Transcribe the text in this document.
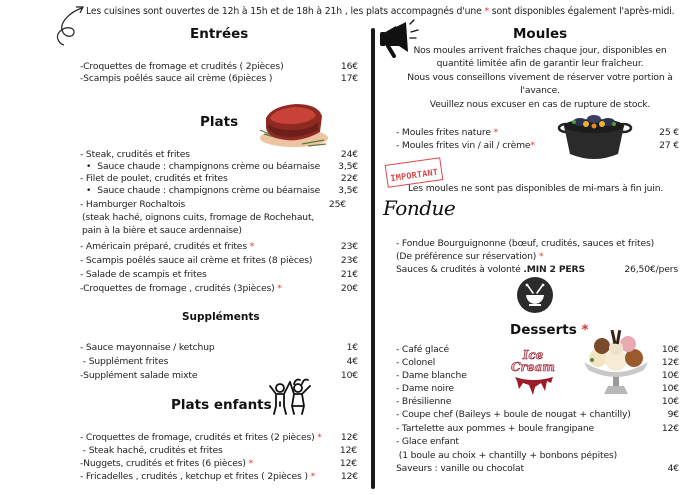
Les cuisines sont ouvertes de 12h à 15h et de 18h à 21h , les plats accompagnés d'une * sont disponibles également l'après-midi.
Entrées
-Croquettes de fromage et crudités ( 2pièces)	16€
-Scampis poêlés sauce ail crème (6pièces )	17€
Plats
- Steak, crudités et frites	24€
• Sauce chaude : champignons crème ou béarnaise 3,5€
- Filet de poulet, crudités et frites	22€
• Sauce chaude : champignons crème ou béarnaise 3,5€
- Hamburger Rochaltois	25€
(steak haché, oignons cuits, fromage de Rochehaut,
pain à la bière et sauce ardennaise)
- Américain préparé, crudités et frites *	23€
- Scampis poêlés sauce ail crème et frites (8 pièces)	23€
- Salade de scampis et frites	21€
-Croquettes de fromage , crudités (3pièces) *	20€
Suppléments
- Sauce mayonnaise / ketchup	1€
- Supplément frites	4€
-Supplément salade mixte	10€
Plats enfants
- Croquettes de fromage, crudités et frites (2 pièces) * 12€
- Steak haché, crudités et frites	12€
-Nuggets, crudités et frites (6 pièces) *	12€
- Fricadelles , crudités , ketchup et frites ( 2pièces ) *	12€
Moules
Nos moules arrivent fraîches chaque jour, disponibles en
quantité limitée afin de garantir leur fraîcheur.
Nous vous conseillons vivement de réserver votre portion à
l'avance.
Veuillez nous excuser en cas de rupture de stock.
- Moules frites nature *	25 €
- Moules frites vin / ail / crème*	27 €
IMPORTANT
Les moules ne sont pas disponibles de mi-mars à fin juin.
Fondue
- Fondue Bourguignonne (bœuf, crudités, sauces et frites)
(De préférence sur réservation) *
Sauces & crudités à volonté .MIN 2 PERS	26,50€/pers
Desserts *
Ice
Cream
- Café glacé	10€
- Colonel	12€
- Dame blanche	10€
- Dame noire	10€
- Brésilienne	10€
- Coupe chef (Baileys + boule de nougat + chantilly)	9€
- Tartelette aux pommes + boule frangipane	12€
- Glace enfant
(1 boule au choix + chantilly + bonbons pépites)
Saveurs : vanille ou chocolat	4€
